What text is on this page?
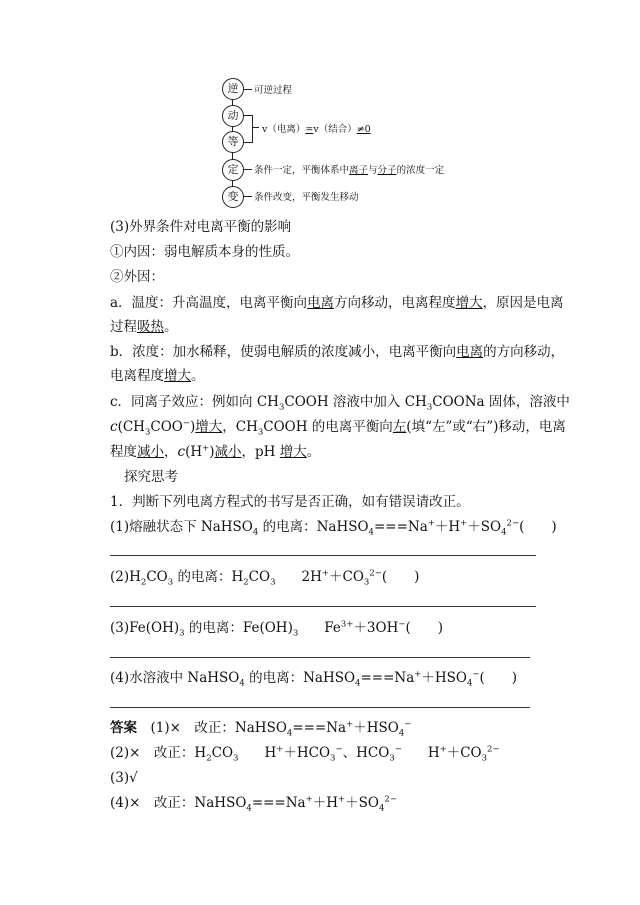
逆
动
等
定
变
可逆过程
v（电离）=v（结合）≠0
条件一定，平衡体系中离子与分子的浓度一定
条件改变，平衡发生移动
(3)外界条件对电离平衡的影响
①内因：弱电解质本身的性质。
②外因：
a．温度：升高温度，电离平衡向电离方向移动，电离程度增大，原因是电离
过程吸热。
b．浓度：加水稀释，使弱电解质的浓度减小，电离平衡向电离的方向移动，
电离程度增大。
c．同离子效应：例如向 $CH_3COOH$ 溶液中加入 $CH_3COONa$ 固体，溶液中
$c(CH_3COO^-)$增大，$CH_3COOH$ 的电离平衡向左(填“左”或“右”)移动，电离
程度减小，c(H+)减小，pH 增大。
探究思考
1．判断下列电离方程式的书写是否正确，如有错误请改正。
(1)熔融状态下 NaHSO$_4$ 的电离：$NaHSO_4===Na^++H^++SO_4^{2-}$(　　)
$(2)H_2CO_3$ 的电离：$H_2CO_3$ $2H^++CO_3^{2-}$(　　)
$(3)Fe(OH)_3$ 的电离：$Fe(OH)_3$ $Fe^{3+}+3OH^-$(　　)
(4)水溶液中 NaHSO$_4$ 的电离：$NaHSO_4===Na^++HSO_4^-$(　　)
答案　 (1)×　改正：$NaHSO_4===Na^++HSO_4^-$
(2)×　改正：$H_2CO_3$ $H^++HCO_3^-$、$HCO_3^-$ $H^++CO_3^{2-}$
(3)√
(4)×　改正：$NaHSO_4===Na^++H^++SO_4^{2-}$
